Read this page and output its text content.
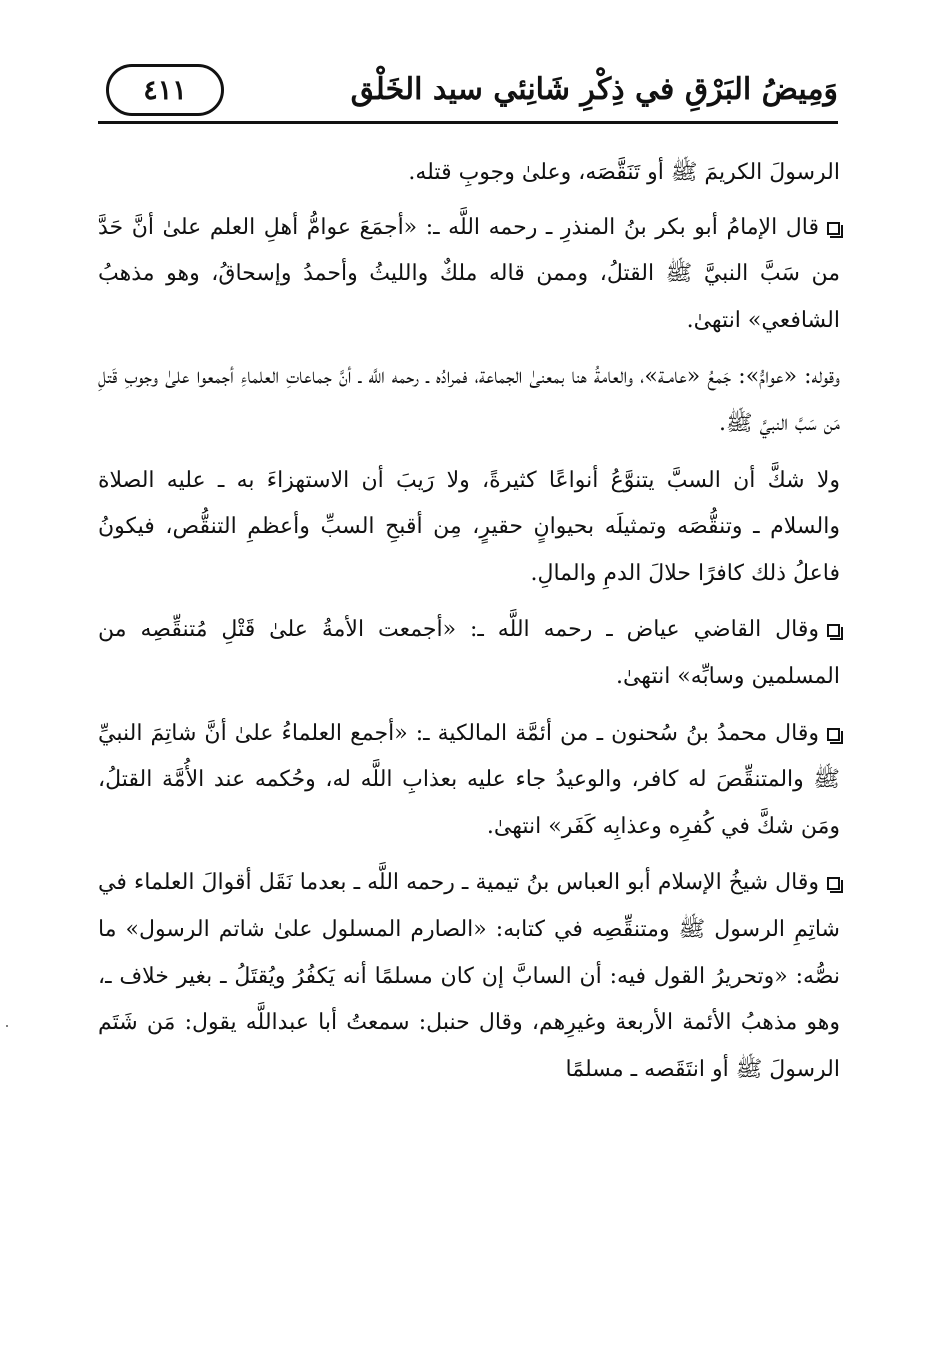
وَمِيضُ البَرْقِ في ذِكْرِ شَانِئي سيد الخَلْق
٤١١

الرسولَ الكريمَ ﷺ أو تَنَقَّصَه، وعلىٰ وجوبِ قتله.

قال الإمامُ أبو بكر بنُ المنذرِ ـ رحمه اللَّه ـ: «أجمَعَ عوامُّ أهلِ العلم علىٰ أنَّ حَدَّ من سَبَّ النبيَّ ﷺ القتلُ، وممن قاله ملكٌ والليثُ وأحمدُ وإسحاقُ، وهو مذهبُ الشافعي» انتهىٰ.

وقوله: «عوامُّ»: جَمعُ «عامـة»، والعامةُ هنا بمعنىٰ الجماعة، فمرادُه ـ رحمه اللَّه ـ أنَّ جماعاتِ العلماءِ أجمعوا علىٰ وجوبِ قَتلِ مَن سَبَّ النبيَّ ﷺ.

ولا شكَّ أن السبَّ يتنوَّعُ أنواعًا كثيرةً، ولا رَيبَ أن الاستهزاءَ به ـ عليه الصلاة والسلام ـ وتنقُّصَه وتمثيلَه بحيوانٍ حقيرٍ، مِن أقبحِ السبِّ وأعظمِ التنقُّص، فيكونُ فاعلُ ذلك كافرًا حلالَ الدمِ والمالِ.

وقال القاضي عياض ـ رحمه اللَّه ـ: «أجمعت الأمةُ علىٰ قَتْلِ مُتنقِّصِه من المسلمين وسابِّه» انتهىٰ.

وقال محمدُ بنُ سُحنون ـ من أئمَّة المالكية ـ: «أجمع العلماءُ علىٰ أنَّ شاتِمَ النبيِّ ﷺ والمتنقِّصَ له كافر، والوعيدُ جاء عليه بعذابِ اللَّه له، وحُكمه عند الأُمَّة القتلُ، ومَن شكَّ في كُفرِه وعذابِه كَفَر» انتهىٰ.

وقال شيخُ الإسلام أبو العباس بنُ تيمية ـ رحمه اللَّه ـ بعدما نَقَل أقوالَ العلماء في شاتِمِ الرسول ﷺ ومتنقِّصِه في كتابه: «الصارم المسلول علىٰ شاتم الرسول» ما نصُّه: «وتحريرُ القول فيه: أن السابَّ إن كان مسلمًا أنه يَكفُرُ ويُقتَلُ ـ بغير خلاف ـ، وهو مذهبُ الأئمة الأربعة وغيرِهم، وقال حنبل: سمعتُ أبا عبداللَّه يقول: مَن شَتَم الرسولَ ﷺ أو انتَقَصه ـ مسلمًا
